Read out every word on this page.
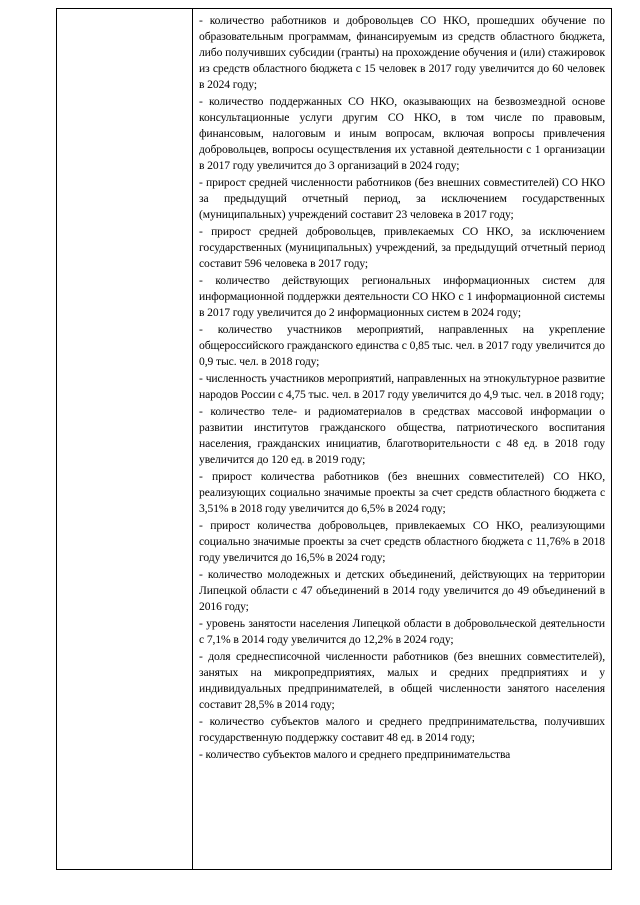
- количество работников и добровольцев СО НКО, прошедших обучение по образовательным программам, финансируемым из средств областного бюджета, либо получивших субсидии (гранты) на прохождение обучения и (или) стажировок из средств областного бюджета с 15 человек в 2017 году увеличится до 60 человек в 2024 году;

- количество поддержанных СО НКО, оказывающих на безвозмездной основе консультационные услуги другим СО НКО, в том числе по правовым, финансовым, налоговым и иным вопросам, включая вопросы привлечения добровольцев, вопросы осуществления их уставной деятельности с 1 организации в 2017 году увеличится до 3 организаций в 2024 году;

- прирост средней численности работников (без внешних совместителей) СО НКО за предыдущий отчетный период, за исключением государственных (муниципальных) учреждений составит 23 человека в 2017 году;

- прирост средней добровольцев, привлекаемых СО НКО, за исключением государственных (муниципальных) учреждений, за предыдущий отчетный период составит 596 человека в 2017 году;

- количество действующих региональных информационных систем для информационной поддержки деятельности СО НКО с 1 информационной системы в 2017 году увеличится до 2 информационных систем в 2024 году;

- количество участников мероприятий, направленных на укрепление общероссийского гражданского единства с 0,85 тыс. чел. в 2017 году увеличится до 0,9 тыс. чел. в 2018 году;

- численность участников мероприятий, направленных на этнокультурное развитие народов России с 4,75 тыс. чел. в 2017 году увеличится до 4,9 тыс. чел. в 2018 году;

- количество теле- и радиоматериалов в средствах массовой информации о развитии институтов гражданского общества, патриотического воспитания населения, гражданских инициатив, благотворительности с 48 ед. в 2018 году увеличится до 120 ед. в 2019 году;

- прирост количества работников (без внешних совместителей) СО НКО, реализующих социально значимые проекты за счет средств областного бюджета с 3,51% в 2018 году увеличится до 6,5% в 2024 году;

- прирост количества добровольцев, привлекаемых СО НКО, реализующими социально значимые проекты за счет средств областного бюджета с 11,76% в 2018 году увеличится до 16,5% в 2024 году;

- количество молодежных и детских объединений, действующих на территории Липецкой области с 47 объединений в 2014 году увеличится до 49 объединений в 2016 году;

- уровень занятости населения Липецкой области в добровольческой деятельности с 7,1% в 2014 году увеличится до 12,2% в 2024 году;

- доля среднесписочной численности работников (без внешних совместителей), занятых на микропредприятиях, малых и средних предприятиях и у индивидуальных предпринимателей, в общей численности занятого населения составит 28,5% в 2014 году;

- количество субъектов малого и среднего предпринимательства, получивших государственную поддержку составит 48 ед. в 2014 году;

- количество субъектов малого и среднего предпринимательства
